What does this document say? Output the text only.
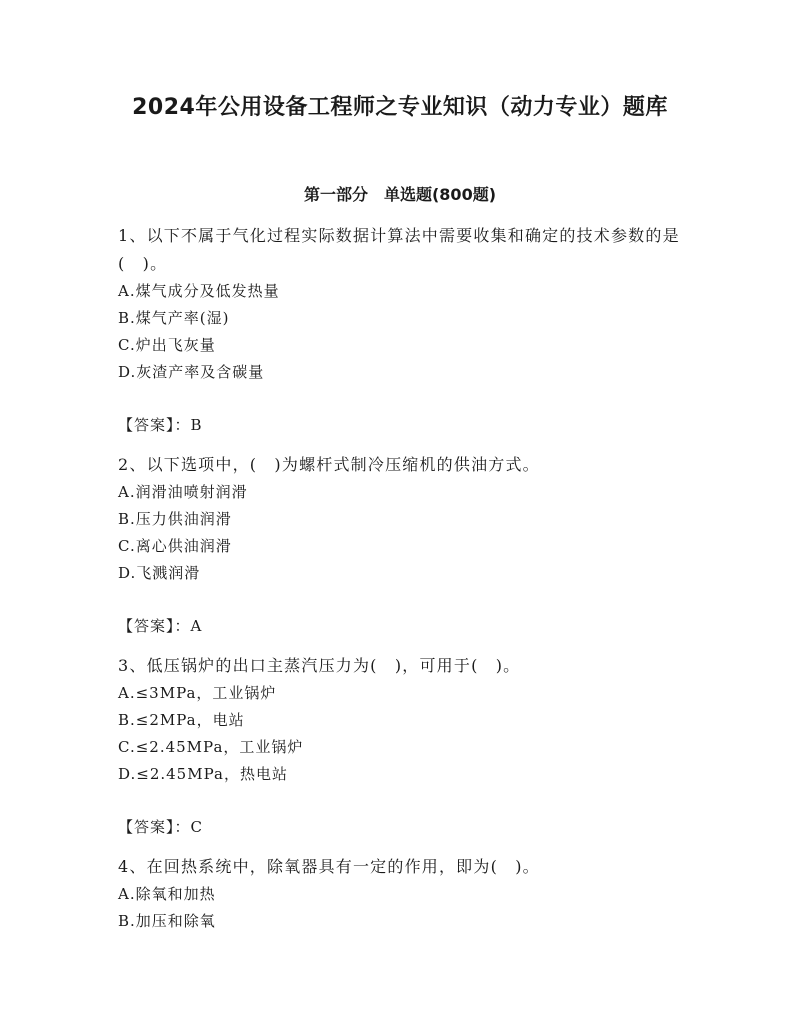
2024年公用设备工程师之专业知识（动力专业）题库
第一部分　单选题(800题)
1、以下不属于气化过程实际数据计算法中需要收集和确定的技术参数的是(　)。
A.煤气成分及低发热量
B.煤气产率(湿)
C.炉出飞灰量
D.灰渣产率及含碳量
【答案】：B
2、以下选项中，(　)为螺杆式制冷压缩机的供油方式。
A.润滑油喷射润滑
B.压力供油润滑
C.离心供油润滑
D.飞溅润滑
【答案】：A
3、低压锅炉的出口主蒸汽压力为(　)，可用于(　)。
A.≤3MPa，工业锅炉
B.≤2MPa，电站
C.≤2.45MPa，工业锅炉
D.≤2.45MPa，热电站
【答案】：C
4、在回热系统中，除氧器具有一定的作用，即为(　)。
A.除氧和加热
B.加压和除氧
